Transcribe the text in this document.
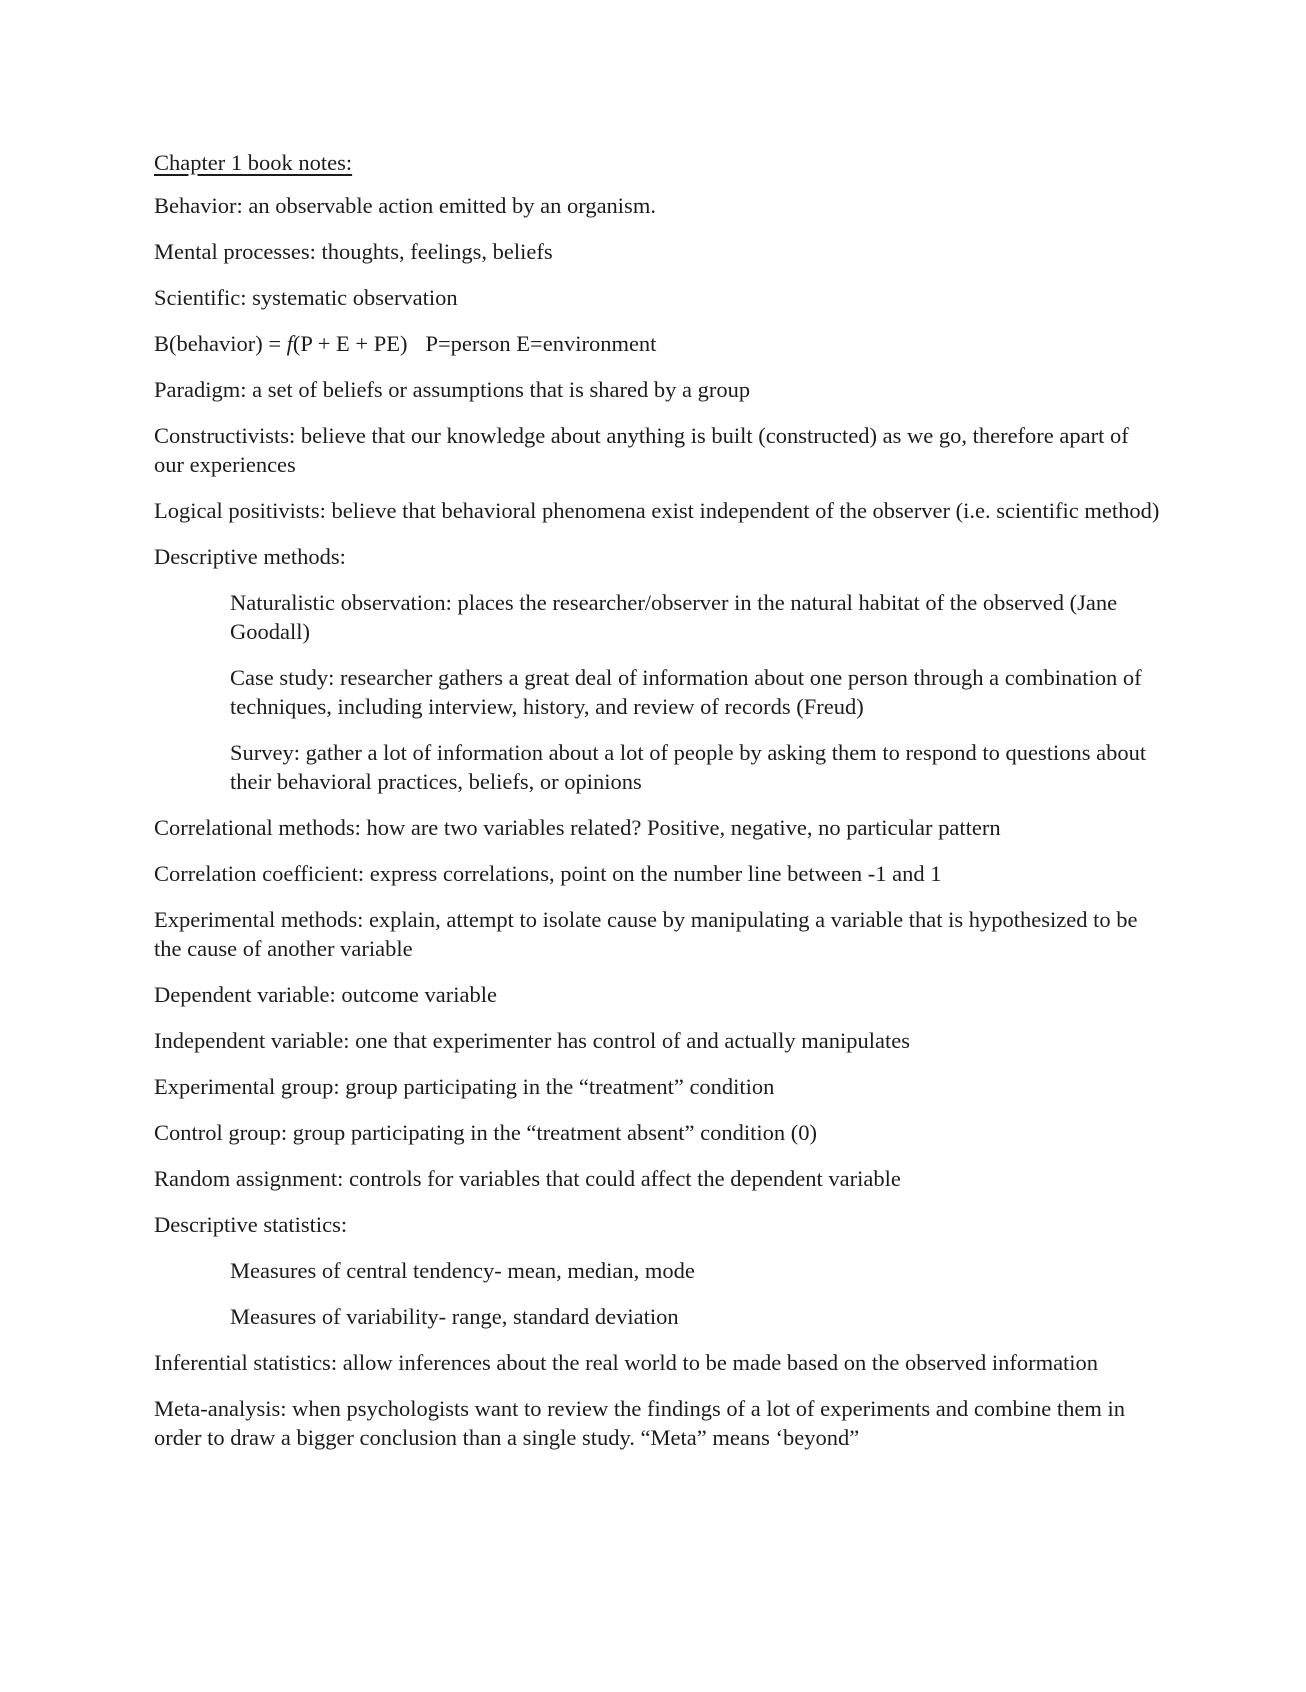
Chapter 1 book notes:

Behavior: an observable action emitted by an organism.

Mental processes: thoughts, feelings, beliefs

Scientific: systematic observation

B(behavior) = f(P + E + PE) P=person E=environment

Paradigm: a set of beliefs or assumptions that is shared by a group

Constructivists: believe that our knowledge about anything is built (constructed) as we go, therefore apart of our experiences

Logical positivists: believe that behavioral phenomena exist independent of the observer (i.e. scientific method)

Descriptive methods:

Naturalistic observation: places the researcher/observer in the natural habitat of the observed (Jane Goodall)

Case study: researcher gathers a great deal of information about one person through a combination of techniques, including interview, history, and review of records (Freud)

Survey: gather a lot of information about a lot of people by asking them to respond to questions about their behavioral practices, beliefs, or opinions

Correlational methods: how are two variables related? Positive, negative, no particular pattern

Correlation coefficient: express correlations, point on the number line between -1 and 1

Experimental methods: explain, attempt to isolate cause by manipulating a variable that is hypothesized to be the cause of another variable

Dependent variable: outcome variable

Independent variable: one that experimenter has control of and actually manipulates

Experimental group: group participating in the “treatment” condition

Control group: group participating in the “treatment absent” condition (0)

Random assignment: controls for variables that could affect the dependent variable

Descriptive statistics:

Measures of central tendency- mean, median, mode

Measures of variability- range, standard deviation

Inferential statistics: allow inferences about the real world to be made based on the observed information

Meta-analysis: when psychologists want to review the findings of a lot of experiments and combine them in order to draw a bigger conclusion than a single study. “Meta” means ‘beyond”
